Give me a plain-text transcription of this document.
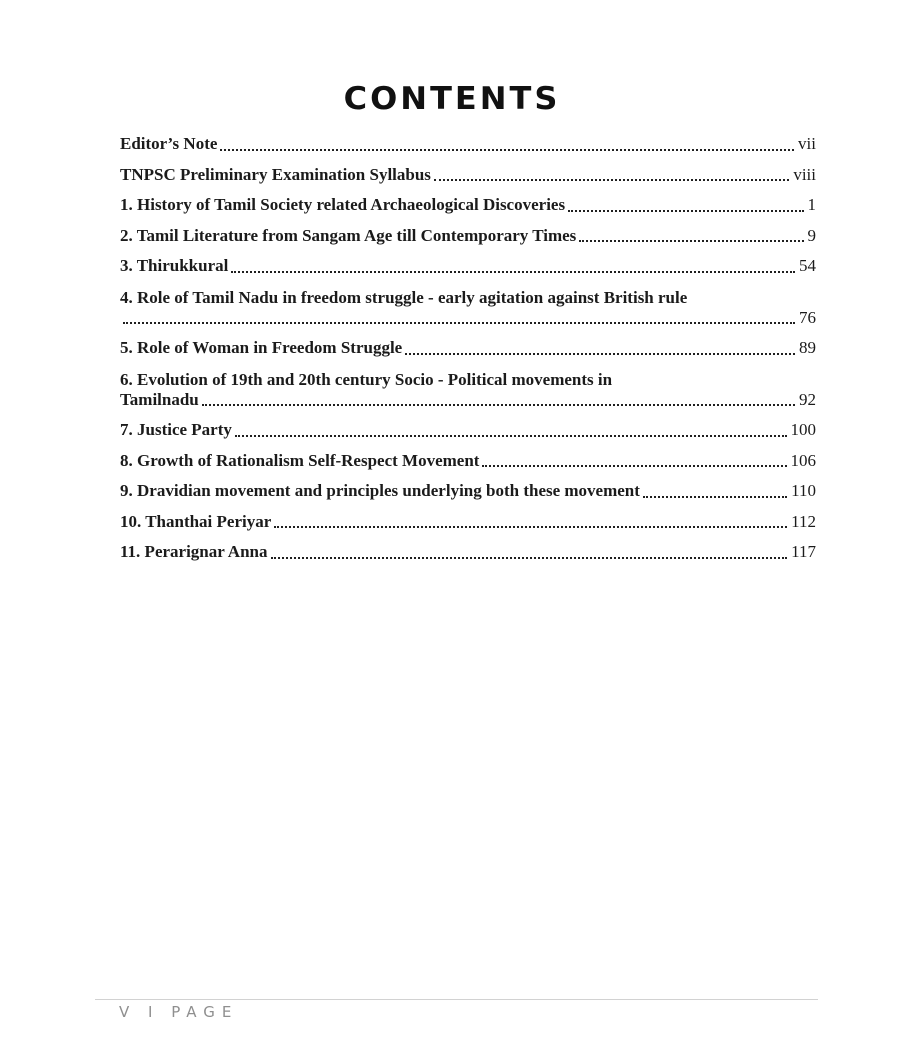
CONTENTS
Editor’s Note	vii
TNPSC Preliminary Examination Syllabus	viii
1. History of Tamil Society related Archaeological Discoveries	1
2. Tamil Literature from Sangam Age till Contemporary Times	9
3. Thirukkural	54
4. Role of Tamil Nadu in freedom struggle - early agitation against British rule
76
5. Role of Woman in Freedom Struggle	89
6. Evolution of 19th and 20th century Socio - Political movements in
Tamilnadu	92
7. Justice Party	100
8. Growth of Rationalism Self-Respect Movement	106
9. Dravidian movement and principles underlying both these movement	110
10. Thanthai Periyar	112
11. Perarignar Anna	117
V I PAGE
